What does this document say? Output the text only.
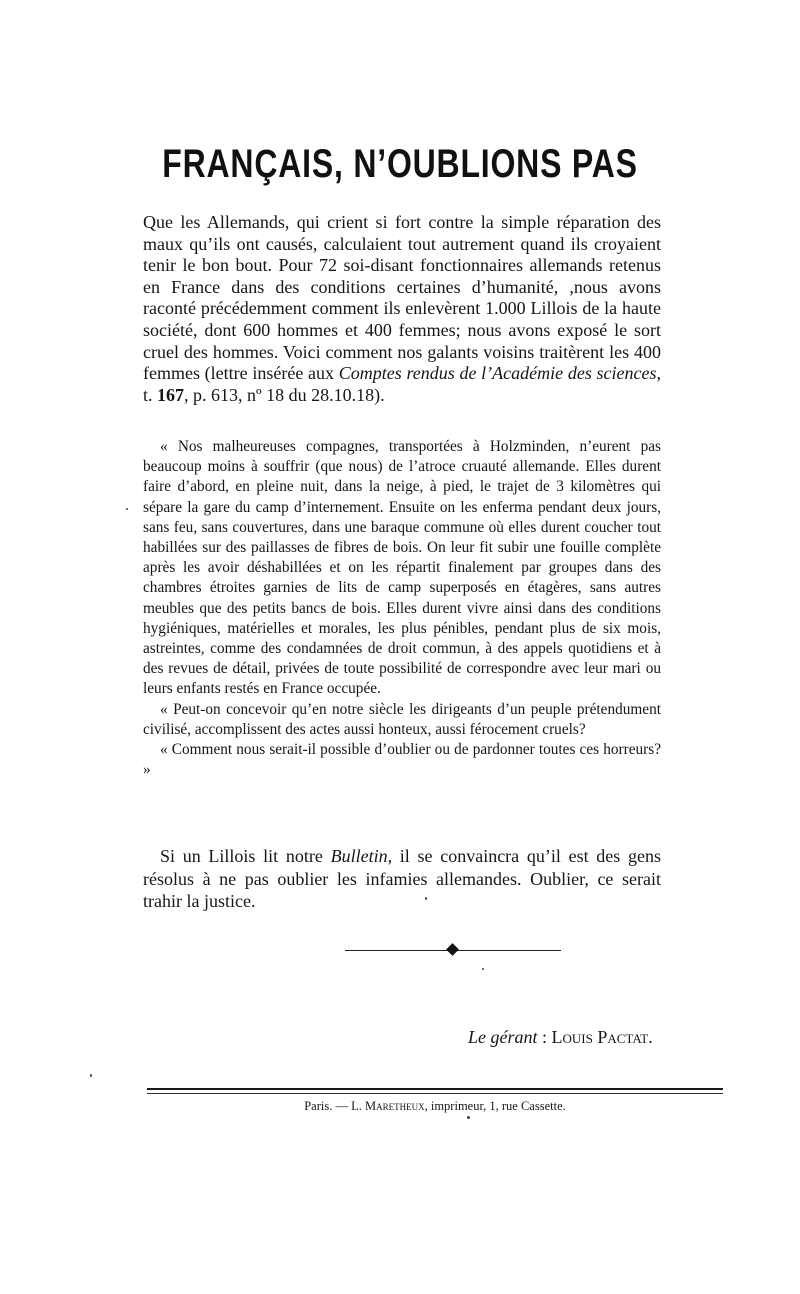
FRANÇAIS, N’OUBLIONS PAS

Que les Allemands, qui crient si fort contre la simple réparation des maux qu’ils ont causés, calculaient tout autrement quand ils croyaient tenir le bon bout. Pour 72 soi-disant fonctionnaires allemands retenus en France dans des conditions certaines d’humanité, ,nous avons raconté précédemment comment ils enlevèrent 1.000 Lillois de la haute société, dont 600 hommes et 400 femmes; nous avons exposé le sort cruel des hommes. Voici comment nos galants voisins traitèrent les 400 femmes (lettre insérée aux Comptes rendus de l’Académie des sciences, t. 167, p. 613, nº 18 du 28.10.18).

« Nos malheureuses compagnes, transportées à Holzminden, n’eurent pas beaucoup moins à souffrir (que nous) de l’atroce cruauté allemande. Elles durent faire d’abord, en pleine nuit, dans la neige, à pied, le trajet de 3 kilomètres qui sépare la gare du camp d’internement. Ensuite on les enferma pendant deux jours, sans feu, sans couvertures, dans une baraque commune où elles durent coucher tout habillées sur des paillasses de fibres de bois. On leur fit subir une fouille complète après les avoir déshabillées et on les répartit finalement par groupes dans des chambres étroites garnies de lits de camp superposés en étagères, sans autres meubles que des petits bancs de bois. Elles durent vivre ainsi dans des conditions hygiéniques, matérielles et morales, les plus pénibles, pendant plus de six mois, astreintes, comme des condamnées de droit commun, à des appels quotidiens et à des revues de détail, privées de toute possibilité de correspondre avec leur mari ou leurs enfants restés en France occupée.

« Peut-on concevoir qu’en notre siècle les dirigeants d’un peuple prétendument civilisé, accomplissent des actes aussi honteux, aussi férocement cruels?

« Comment nous serait-il possible d’oublier ou de pardonner toutes ces horreurs? »

Si un Lillois lit notre Bulletin, il se convaincra qu’il est des gens résolus à ne pas oublier les infamies allemandes. Oublier, ce serait trahir la justice.

Le gérant : Louis Pactat.

Paris. — L. Maretheux, imprimeur, 1, rue Cassette.
